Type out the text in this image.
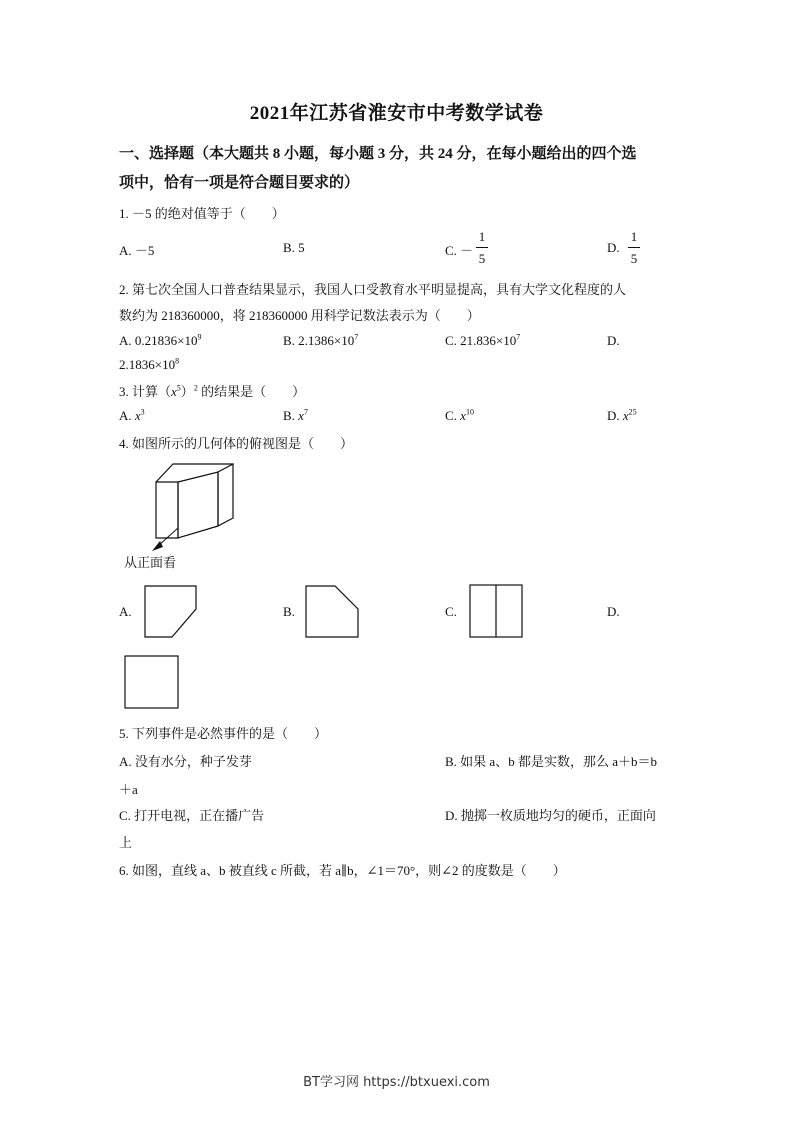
2021年江苏省淮安市中考数学试卷
一、选择题（本大题共 8 小题，每小题 3 分，共 24 分，在每小题给出的四个选
项中，恰有一项是符合题目要求的）
1. －5 的绝对值等于（　　）
A. －5	B. 5	C. －
1
5
D.
1
5
2. 第七次全国人口普查结果显示，我国人口受教育水平明显提高，具有大学文化程度的人
数约为 218360000，将 218360000 用科学记数法表示为（　　）
A. $0.21836\times 10^9$	B. $2.1386\times 10^7$	C. $21.836\times 10^7$	D.
$2.1836\times 10^8$
3. 计算$(x^5)^2$ 的结果是（　　）
A. $x^3$	B. $x^7$	C. $x^{10}$	D. $x^{25}$
4. 如图所示的几何体的俯视图是（　　）
从正面看
A.	B.	C.	D.
5. 下列事件是必然事件的是（　　）
A. 没有水分，种子发芽	B. 如果 a、b 都是实数，那么 a＋b＝b
＋a
C. 打开电视，正在播广告	D. 抛掷一枚质地均匀的硬币，正面向
上
6. 如图，直线 a、b 被直线 c 所截，若 a∥b，∠1＝70°，则∠2 的度数是（　　）
BT学习网 https://btxuexi.com
